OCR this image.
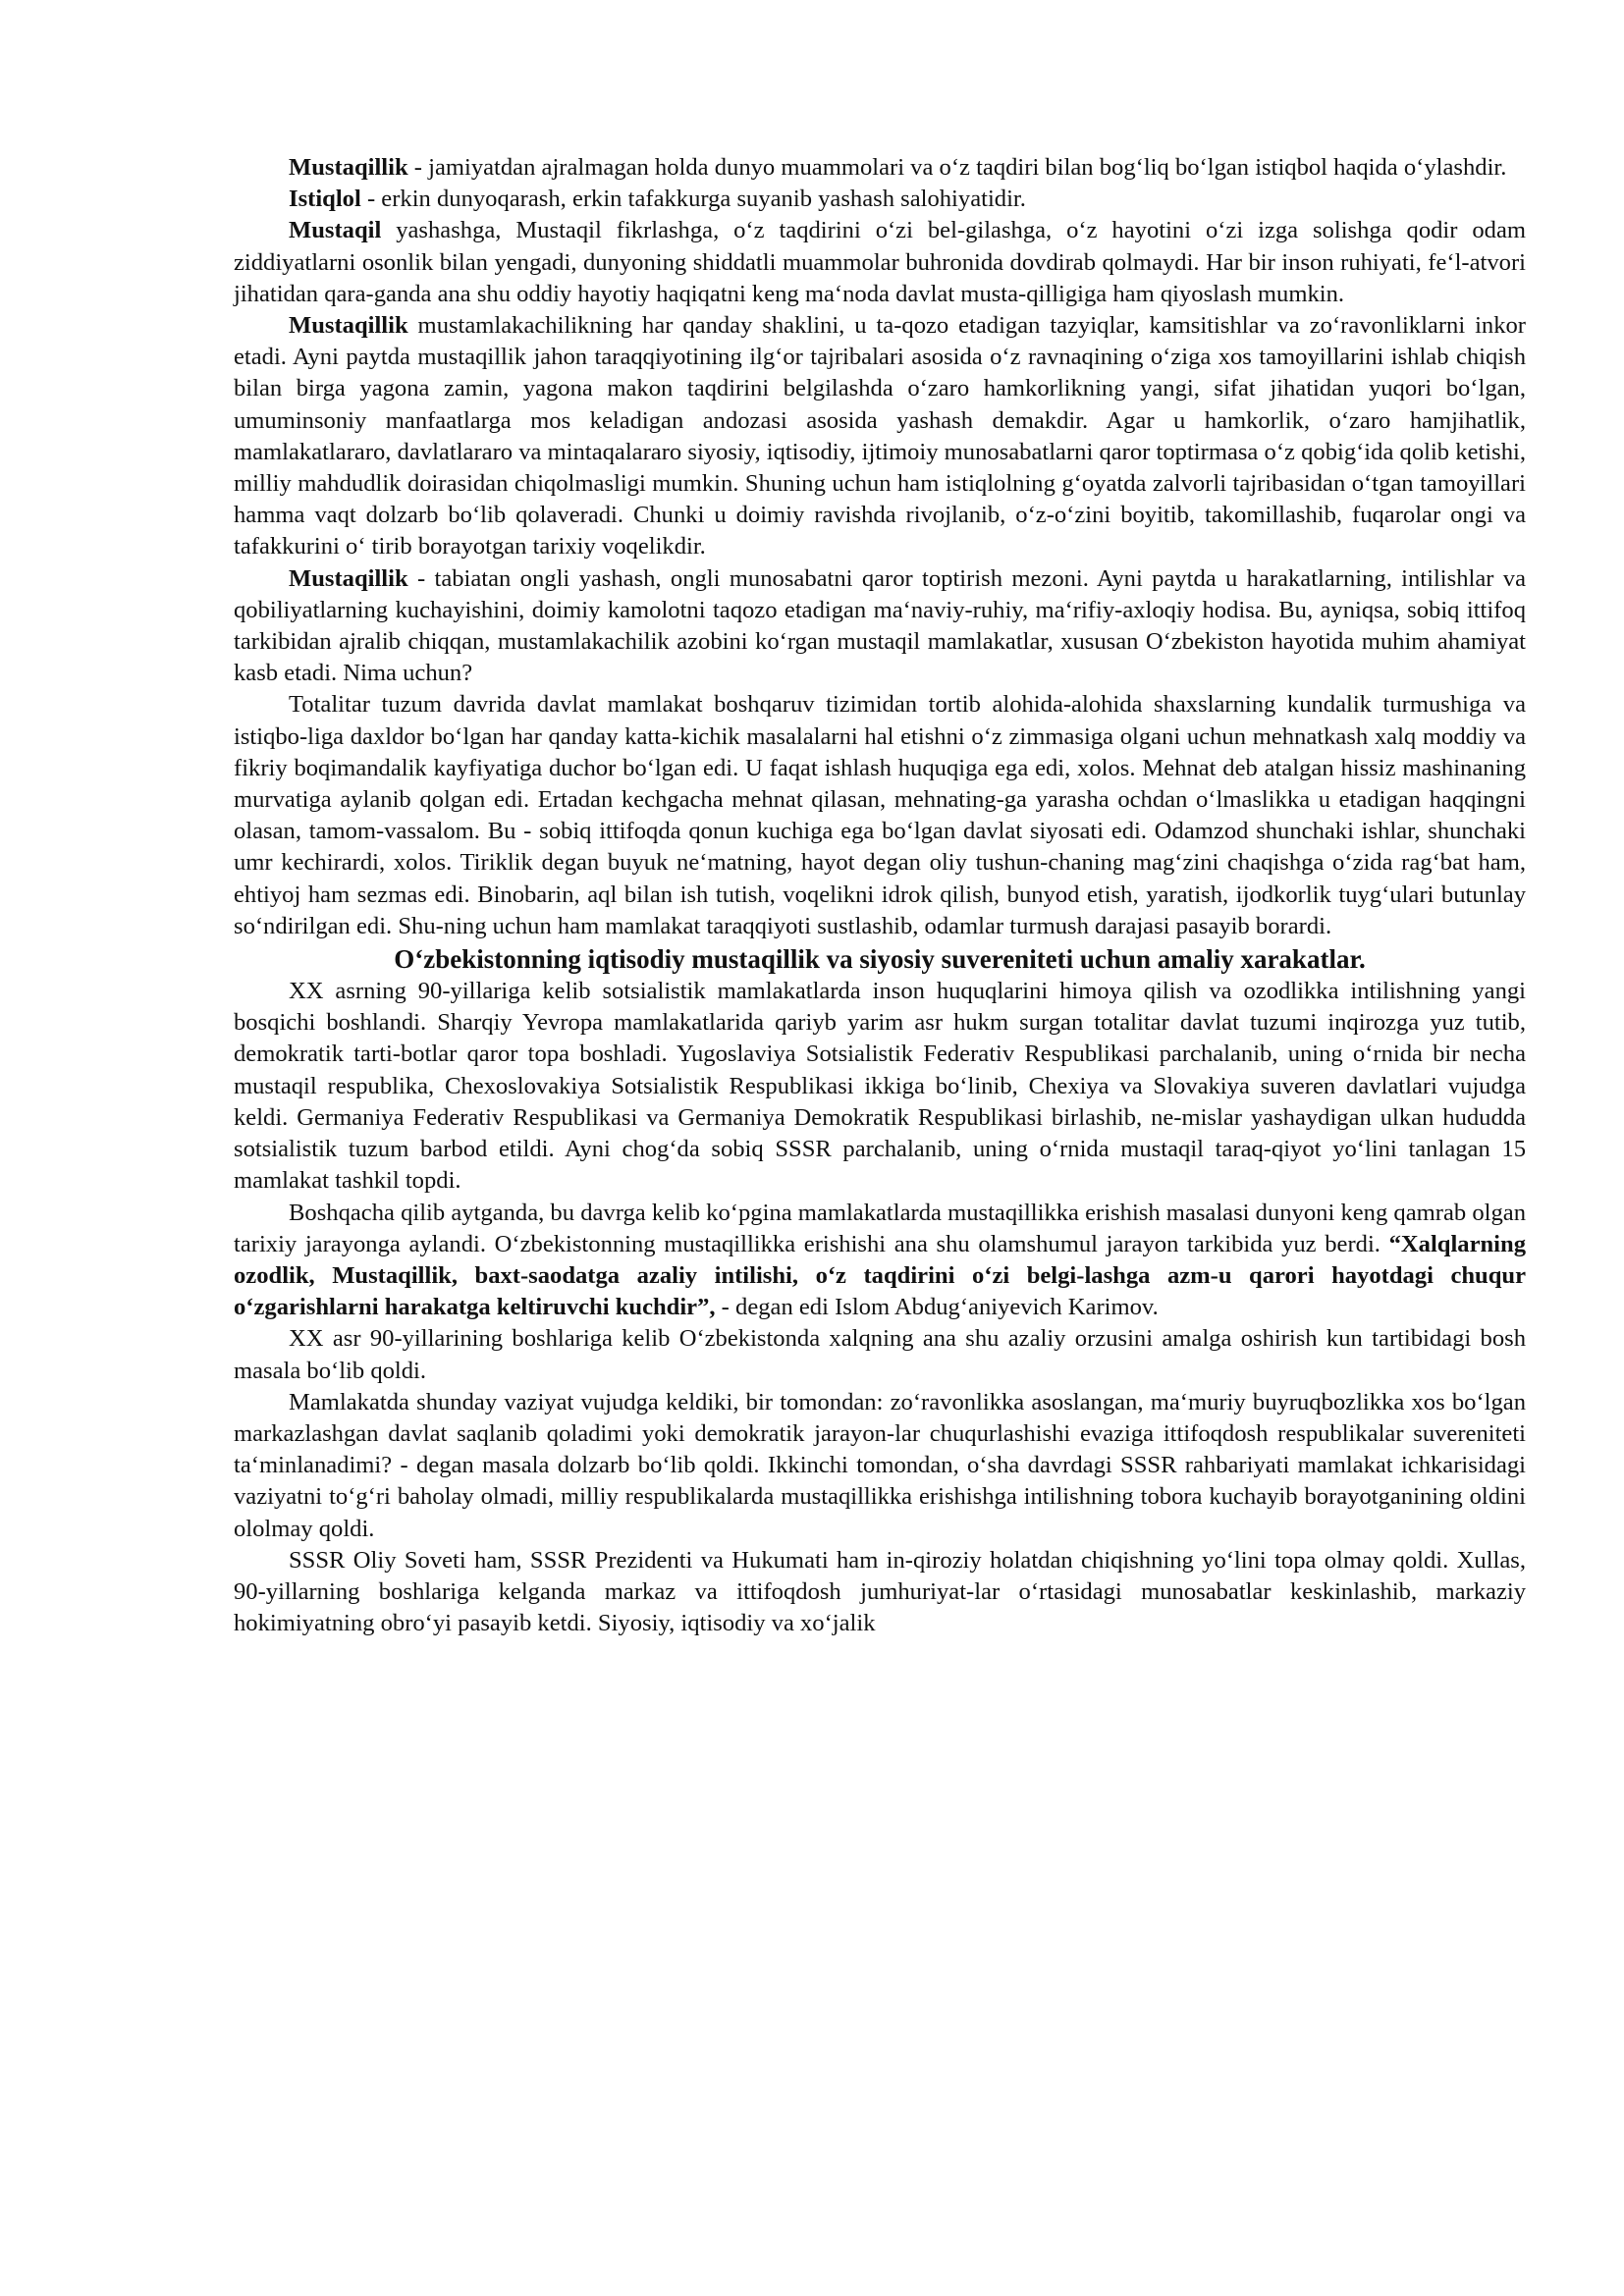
Mustaqillik - jamiyatdan ajralmagan holda dunyo muammolari va o‘z taqdiri bilan bog‘liq bo‘lgan istiqbol haqida o‘ylashdir.

Istiqlol - erkin dunyoqarash, erkin tafakkurga suyanib yashash salohiyatidir.

Mustaqil yashashga, Mustaqil fikrlashga, o‘z taqdirini o‘zi bel-gilashga, o‘z hayotini o‘zi izga solishga qodir odam ziddiyatlarni osonlik bilan yengadi, dunyoning shiddatli muammolar buhronida dovdirab qolmaydi. Har bir inson ruhiyati, fe‘l-atvori jihatidan qara-ganda ana shu oddiy hayotiy haqiqatni keng ma‘noda davlat musta-qilligiga ham qiyoslash mumkin.

Mustaqillik mustamlakachilikning har qanday shaklini, u ta-qozo etadigan tazyiqlar, kamsitishlar va zo‘ravonliklarni inkor etadi. Ayni paytda mustaqillik jahon taraqqiyotining ilg‘or tajribalari asosida o‘z ravnaqining o‘ziga xos tamoyillarini ishlab chiqish bilan birga yagona zamin, yagona makon taqdirini belgilashda o‘zaro hamkorlikning yangi, sifat jihatidan yuqori bo‘lgan, umuminsoniy manfaatlarga mos keladigan andozasi asosida yashash demakdir. Agar u hamkorlik, o‘zaro hamjihatlik, mamlakatlararo, davlatlararo va mintaqalararo siyosiy, iqtisodiy, ijtimoiy munosabatlarni qaror toptirmasa o‘z qobig‘ida qolib ketishi, milliy mahdudlik doirasidan chiqolmasligi mumkin. Shuning uchun ham istiqlolning g‘oyatda zalvorli tajribasidan o‘tgan tamoyillari hamma vaqt dolzarb bo‘lib qolaveradi. Chunki u doimiy ravishda rivojlanib, o‘z-o‘zini boyitib, takomillashib, fuqarolar ongi va tafakkurini o‘ tirib borayotgan tarixiy voqelikdir.

Mustaqillik - tabiatan ongli yashash, ongli munosabatni qaror toptirish mezoni. Ayni paytda u harakatlarning, intilishlar va qobiliyatlarning kuchayishini, doimiy kamolotni taqozo etadigan ma‘naviy-ruhiy, ma‘rifiy-axloqiy hodisa. Bu, ayniqsa, sobiq ittifoq tarkibidan ajralib chiqqan, mustamlakachilik azobini ko‘rgan mustaqil mamlakatlar, xususan O‘zbekiston hayotida muhim ahamiyat kasb etadi. Nima uchun?

Totalitar tuzum davrida davlat mamlakat boshqaruv tizimidan tortib alohida-alohida shaxslarning kundalik turmushiga va istiqbo-liga daxldor bo‘lgan har qanday katta-kichik masalalarni hal etishni o‘z zimmasiga olgani uchun mehnatkash xalq moddiy va fikriy boqimandalik kayfiyatiga duchor bo‘lgan edi. U faqat ishlash huquqiga ega edi, xolos. Mehnat deb atalgan hissiz mashinaning murvatiga aylanib qolgan edi. Ertadan kechgacha mehnat qilasan, mehnating-ga yarasha ochdan o‘lmaslikka u etadigan haqqingni olasan, tamom-vassalom. Bu - sobiq ittifoqda qonun kuchiga ega bo‘lgan davlat siyosati edi. Odamzod shunchaki ishlar, shunchaki umr kechirardi, xolos. Tiriklik degan buyuk ne‘matning, hayot degan oliy tushun-chaning mag‘zini chaqishga o‘zida rag‘bat ham, ehtiyoj ham sezmas edi. Binobarin, aql bilan ish tutish, voqelikni idrok qilish, bunyod etish, yaratish, ijodkorlik tuyg‘ulari butunlay so‘ndirilgan edi. Shu-ning uchun ham mamlakat taraqqiyoti sustlashib, odamlar turmush darajasi pasayib borardi.

O‘zbekistonning iqtisodiy mustaqillik va siyosiy suvereniteti uchun amaliy xarakatlar.

XX asrning 90-yillariga kelib sotsialistik mamlakatlarda inson huquqlarini himoya qilish va ozodlikka intilishning yangi bosqichi boshlandi. Sharqiy Yevropa mamlakatlarida qariyb yarim asr hukm surgan totalitar davlat tuzumi inqirozga yuz tutib, demokratik tarti-botlar qaror topa boshladi. Yugoslaviya Sotsialistik Federativ Respublikasi parchalanib, uning o‘rnida bir necha mustaqil respublika, Chexoslovakiya Sotsialistik Respublikasi ikkiga bo‘linib, Chexiya va Slovakiya suveren davlatlari vujudga keldi. Germaniya Federativ Respublikasi va Germaniya Demokratik Respublikasi birlashib, ne-mislar yashaydigan ulkan hududda sotsialistik tuzum barbod etildi. Ayni chog‘da sobiq SSSR parchalanib, uning o‘rnida mustaqil taraq-qiyot yo‘lini tanlagan 15 mamlakat tashkil topdi.

Boshqacha qilib aytganda, bu davrga kelib ko‘pgina mamlakatlarda mustaqillikka erishish masalasi dunyoni keng qamrab olgan tarixiy jarayonga aylandi. O‘zbekistonning mustaqillikka erishishi ana shu olamshumul jarayon tarkibida yuz berdi. “Xalqlarning ozodlik, Mustaqillik, baxt-saodatga azaliy intilishi, o‘z taqdirini o‘zi belgi-lashga azm-u qarori hayotdagi chuqur o‘zgarishlarni harakatga keltiruvchi kuchdir”, - degan edi Islom Abdug‘aniyevich Karimov.

XX asr 90-yillarining boshlariga kelib O‘zbekistonda xalqning ana shu azaliy orzusini amalga oshirish kun tartibidagi bosh masala bo‘lib qoldi.

Mamlakatda shunday vaziyat vujudga keldiki, bir tomondan: zo‘ravonlikka asoslangan, ma‘muriy buyruqbozlikka xos bo‘lgan markazlashgan davlat saqlanib qoladimi yoki demokratik jarayon-lar chuqurlashishi evaziga ittifoqdosh respublikalar suvereniteti ta‘minlanadimi? - degan masala dolzarb bo‘lib qoldi. Ikkinchi tomondan, o‘sha davrdagi SSSR rahbariyati mamlakat ichkarisidagi vaziyatni to‘g‘ri baholay olmadi, milliy respublikalarda mustaqillikka erishishga intilishning tobora kuchayib borayotganining oldini ololmay qoldi.

SSSR Oliy Soveti ham, SSSR Prezidenti va Hukumati ham in-qiroziy holatdan chiqishning yo‘lini topa olmay qoldi. Xullas, 90-yillarning boshlariga kelganda markaz va ittifoqdosh jumhuriyat-lar o‘rtasidagi munosabatlar keskinlashib, markaziy hokimiyatning obro‘yi pasayib ketdi. Siyosiy, iqtisodiy va xo‘jalik
